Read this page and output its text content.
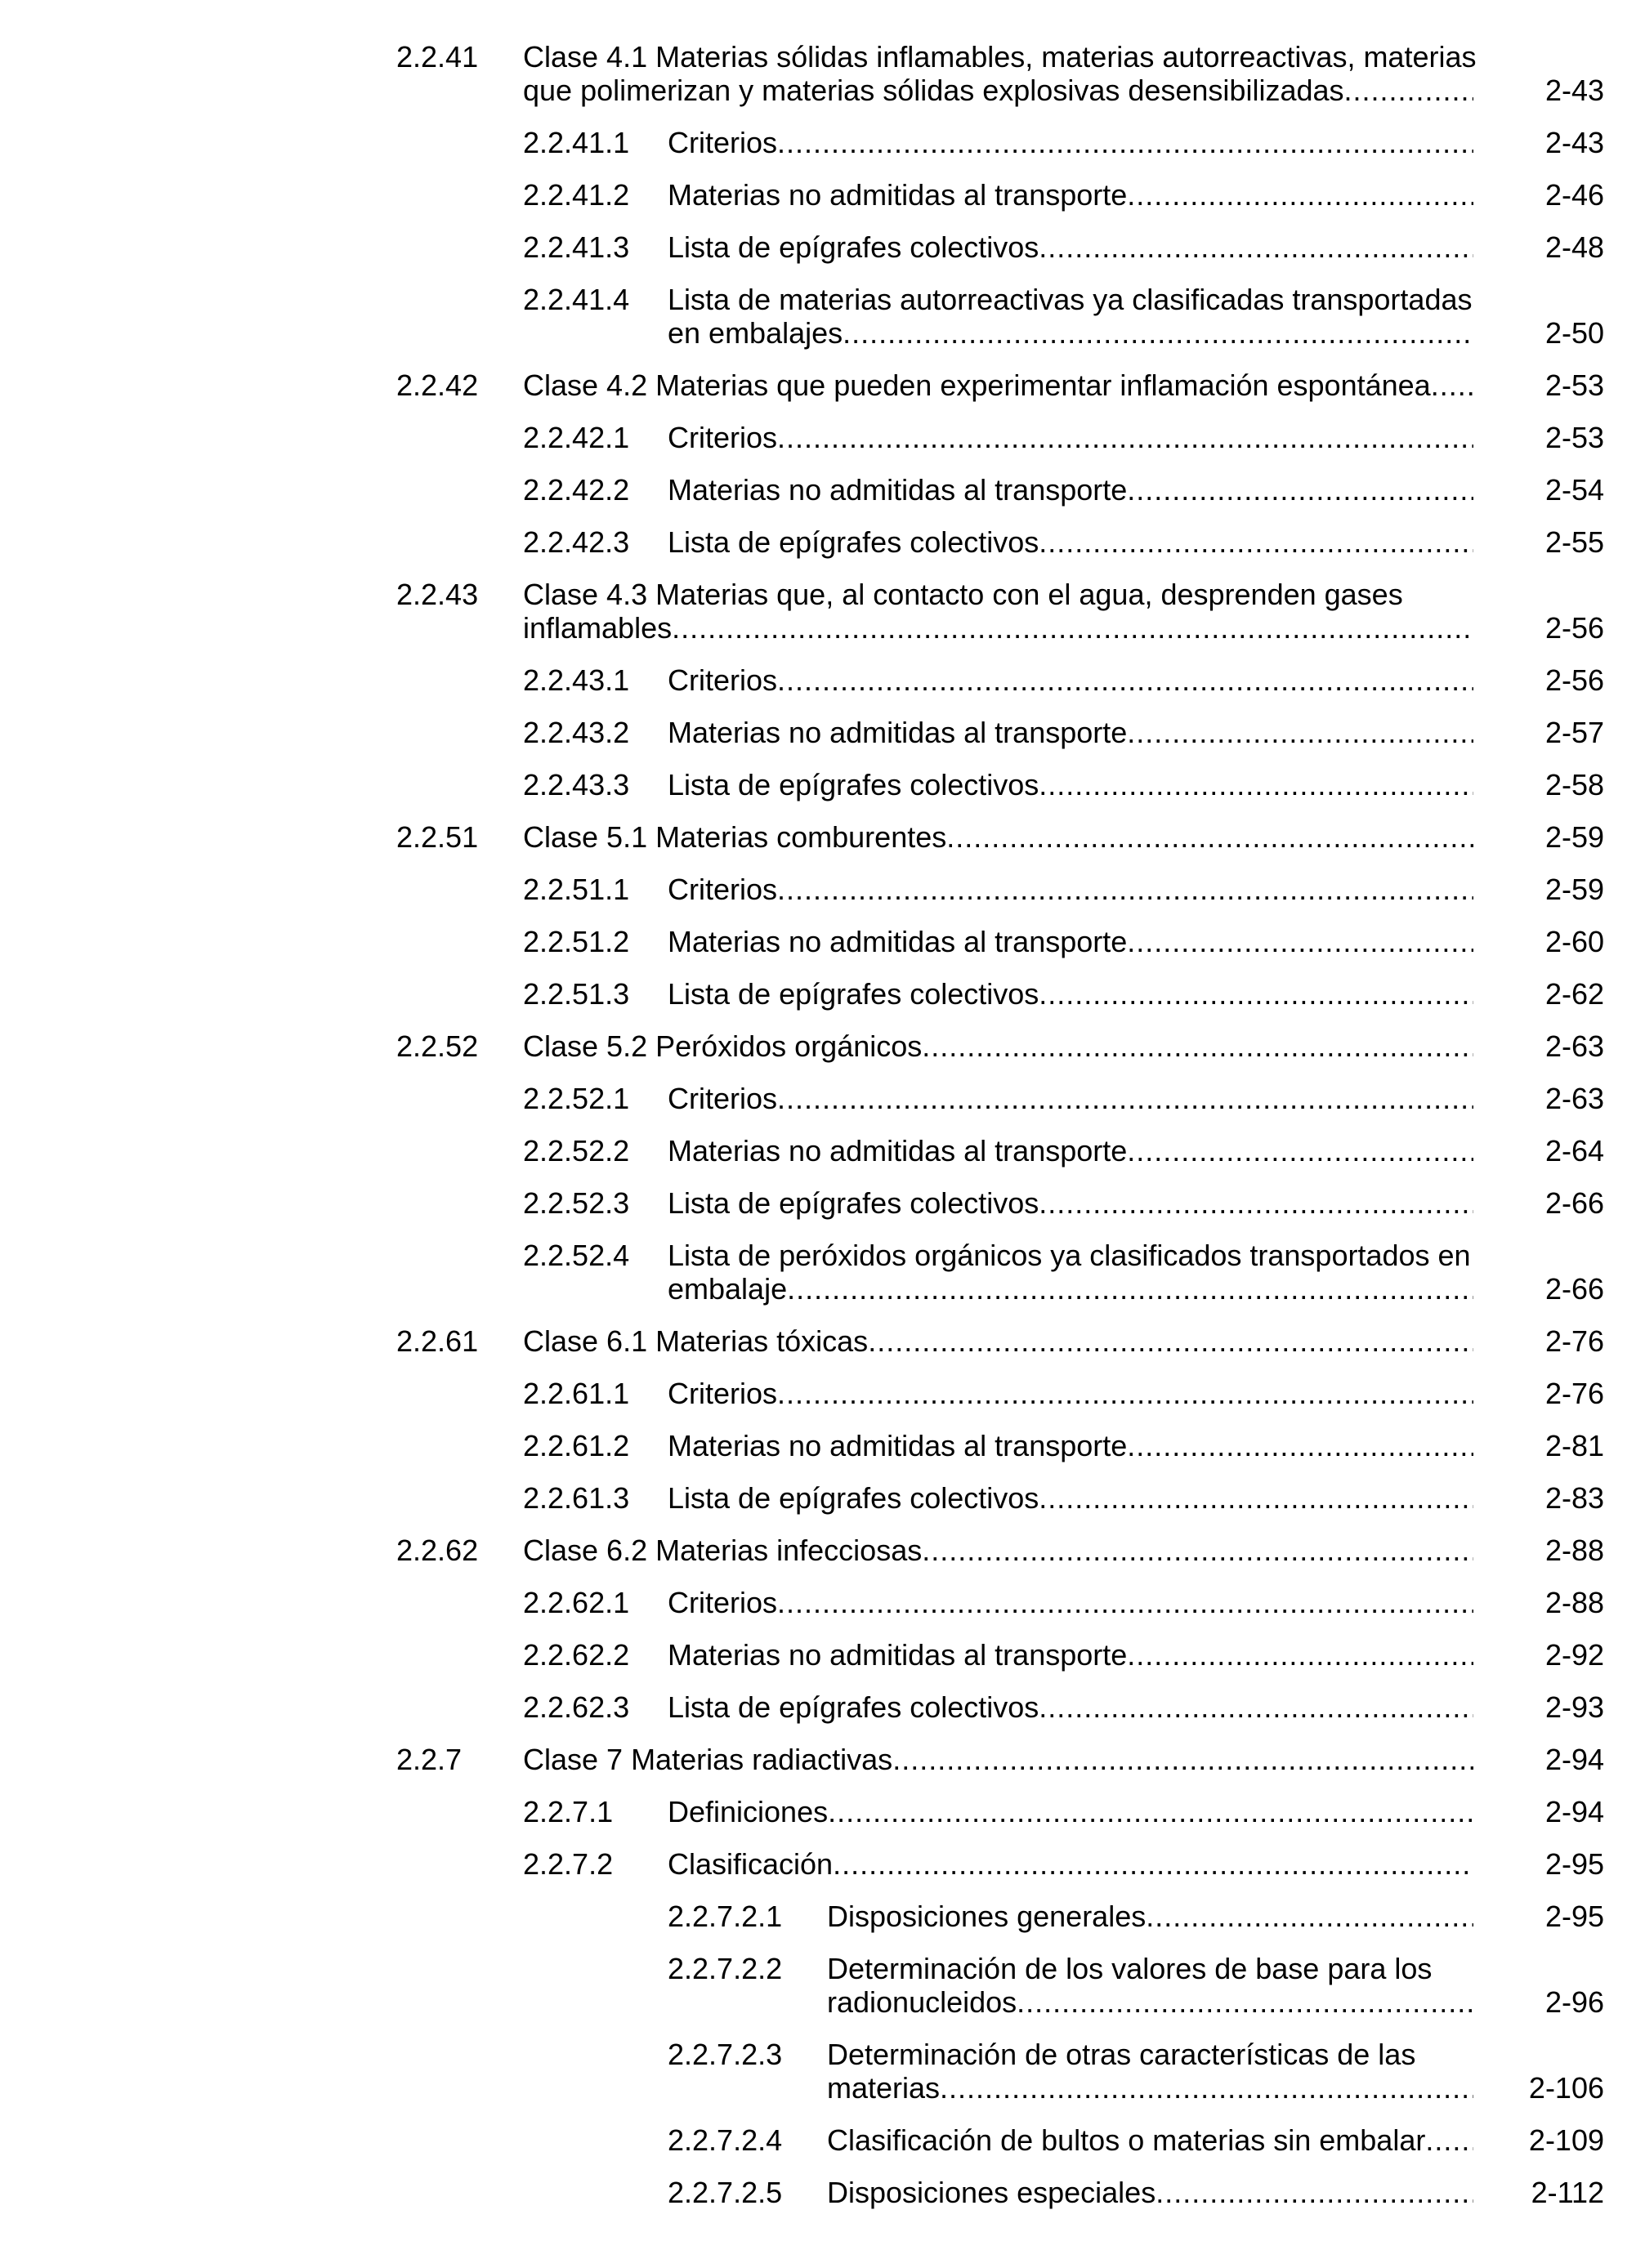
2.2.41 Clase 4.1 Materias sólidas inflamables, materias autorreactivas, materias
que polimerizan y materias sólidas explosivas desensibilizadas .....	2-43
2.2.41.1 Criterios .....	2-43
2.2.41.2 Materias no admitidas al transporte .....	2-46
2.2.41.3 Lista de epígrafes colectivos .....	2-48
2.2.41.4 Lista de materias autorreactivas ya clasificadas transportadas
en embalajes .....	2-50
2.2.42 Clase 4.2 Materias que pueden experimentar inflamación espontánea .....	2-53
2.2.42.1 Criterios .....	2-53
2.2.42.2 Materias no admitidas al transporte .....	2-54
2.2.42.3 Lista de epígrafes colectivos .....	2-55
2.2.43 Clase 4.3 Materias que, al contacto con el agua, desprenden gases
inflamables .....	2-56
2.2.43.1 Criterios .....	2-56
2.2.43.2 Materias no admitidas al transporte .....	2-57
2.2.43.3 Lista de epígrafes colectivos .....	2-58
2.2.51 Clase 5.1 Materias comburentes .....	2-59
2.2.51.1 Criterios .....	2-59
2.2.51.2 Materias no admitidas al transporte .....	2-60
2.2.51.3 Lista de epígrafes colectivos .....	2-62
2.2.52 Clase 5.2 Peróxidos orgánicos .....	2-63
2.2.52.1 Criterios .....	2-63
2.2.52.2 Materias no admitidas al transporte .....	2-64
2.2.52.3 Lista de epígrafes colectivos .....	2-66
2.2.52.4 Lista de peróxidos orgánicos ya clasificados transportados en
embalaje .....	2-66
2.2.61 Clase 6.1 Materias tóxicas .....	2-76
2.2.61.1 Criterios .....	2-76
2.2.61.2 Materias no admitidas al transporte .....	2-81
2.2.61.3 Lista de epígrafes colectivos .....	2-83
2.2.62 Clase 6.2 Materias infecciosas .....	2-88
2.2.62.1 Criterios .....	2-88
2.2.62.2 Materias no admitidas al transporte .....	2-92
2.2.62.3 Lista de epígrafes colectivos .....	2-93
2.2.7 Clase 7 Materias radiactivas .....	2-94
2.2.7.1 Definiciones .....	2-94
2.2.7.2 Clasificación .....	2-95
2.2.7.2.1 Disposiciones generales .....	2-95
2.2.7.2.2 Determinación de los valores de base para los
radionucleidos .....	2-96
2.2.7.2.3 Determinación de otras características de las
materias .....	2-106
2.2.7.2.4 Clasificación de bultos o materias sin embalar .....	2-109
2.2.7.2.5 Disposiciones especiales .....	2-112
